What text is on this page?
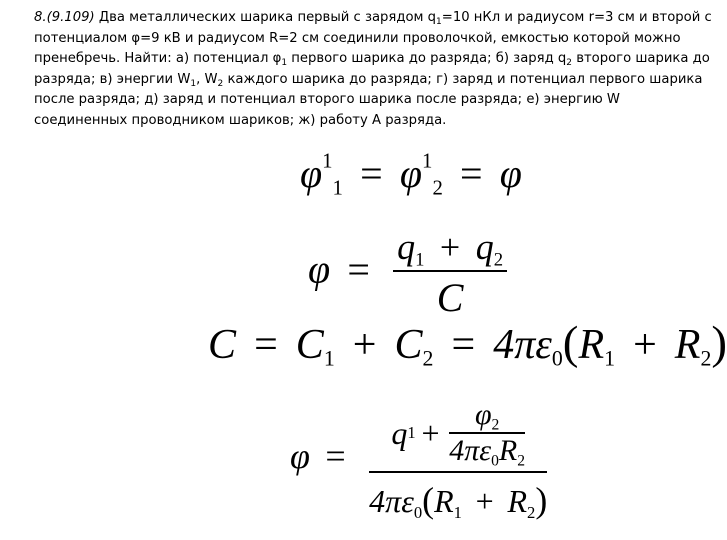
8.(9.109) Два металлических шарика первый с зарядом $q_1=10$ нКл и радиусом r=3 см и второй с потенциалом φ=9 кВ и радиусом R=2 см соединили проволочкой, емкостью которой можно пренебречь. Найти: а) потенциал $\varphi_1$ первого шарика до разряда; б) заряд $q_2$ второго шарика до разряда; в) энергии $W_1$, $W_2$ каждого шарика до разряда; г) заряд и потенциал первого шарика после разряда; д) заряд и потенциал второго шарика после разряда; е) энергию W соединенных проводником шариков; ж) работу A разряда.

$\varphi^1_1 = \varphi^1_2 = \varphi$
$\varphi = \frac{q_1 + q_2}{C}$
$C = C_1 + C_2 = 4\pi\varepsilon_0(R_1 + R_2)$
φ = q $1 + \varphi_2$
$4\pi\varepsilon_0R_2$
$4\pi\varepsilon_0(R_1 + R_2)$
